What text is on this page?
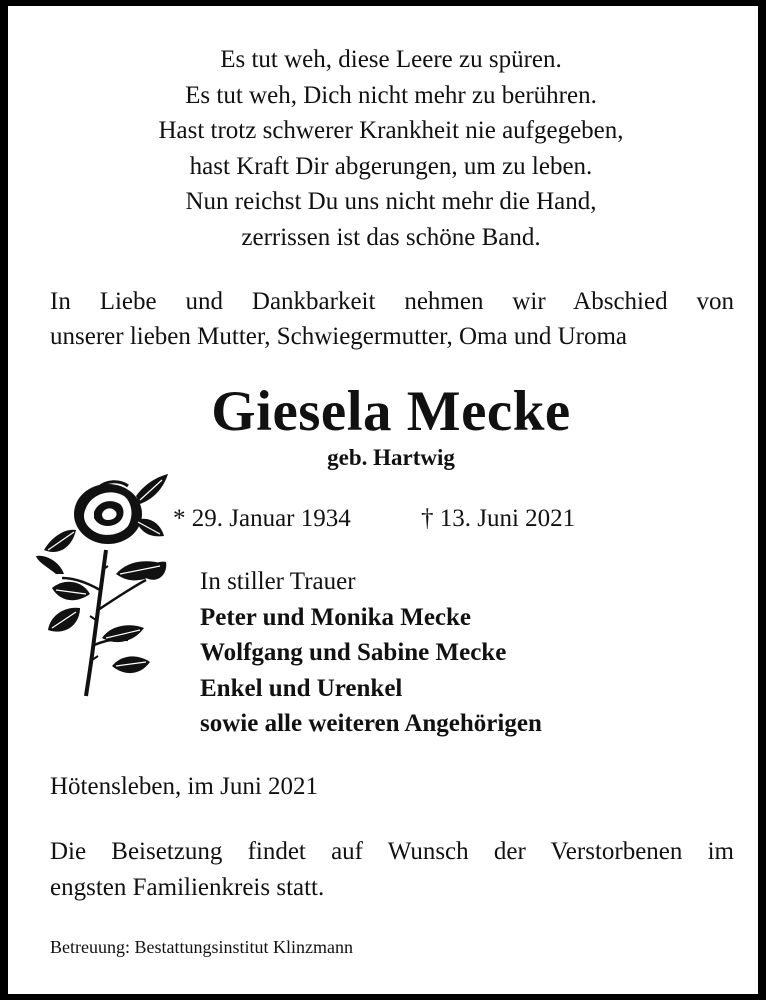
Es tut weh, diese Leere zu spüren.
Es tut weh, Dich nicht mehr zu berühren.
Hast trotz schwerer Krankheit nie aufgegeben,
hast Kraft Dir abgerungen, um zu leben.
Nun reichst Du uns nicht mehr die Hand,
zerrissen ist das schöne Band.
In Liebe und Dankbarkeit nehmen wir Abschied von
unserer lieben Mutter, Schwiegermutter, Oma und Uroma
Giesela Mecke
geb. Hartwig
* 29. Januar 1934	† 13. Juni 2021
In stiller Trauer
Peter und Monika Mecke
Wolfgang und Sabine Mecke
Enkel und Urenkel
sowie alle weiteren Angehörigen
Hötensleben, im Juni 2021
Die Beisetzung findet auf Wunsch der Verstorbenen im
engsten Familienkreis statt.
Betreuung: Bestattungsinstitut Klinzmann
